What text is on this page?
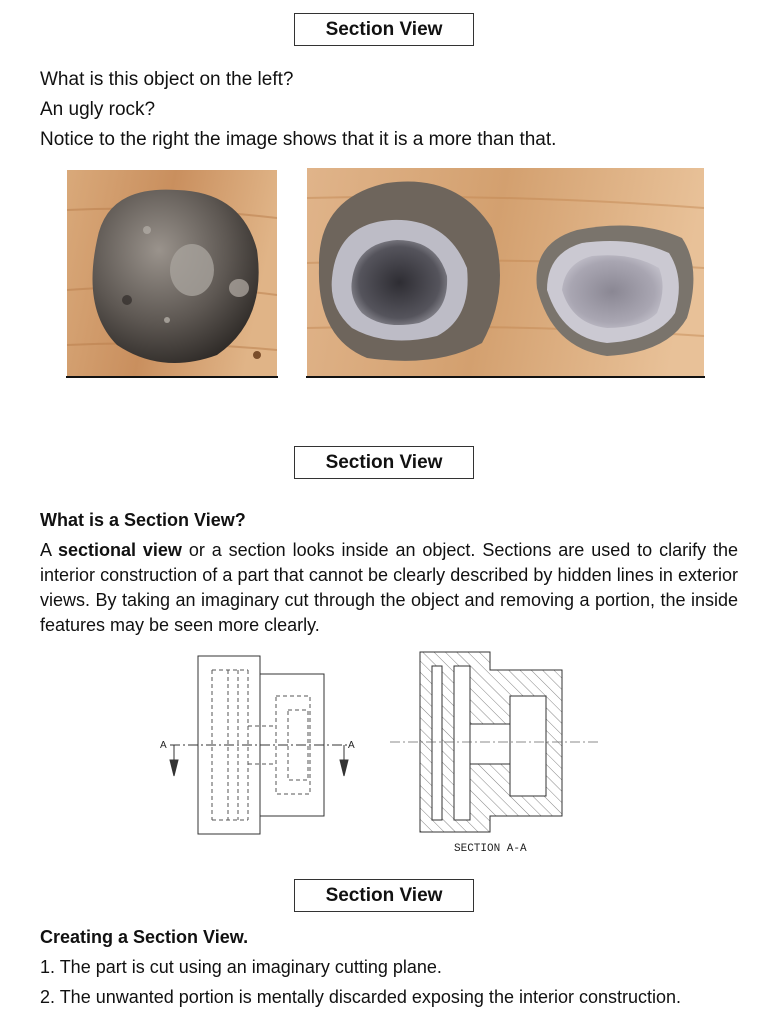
Section View
What is this object on the left?
An ugly rock?
Notice to the right the image shows that it is a more than that.
Section View
What is a Section View?
A sectional view or a section looks inside an object. Sections are used to clarify the interior construction of a part that cannot be clearly described by hidden lines in exterior views. By taking an imaginary cut through the object and removing a portion, the inside features may be seen more clearly.
A	A
SECTION A-A
Section View
Creating a Section View.
1. The part is cut using an imaginary cutting plane.
2. The unwanted portion is mentally discarded exposing the interior construction.
